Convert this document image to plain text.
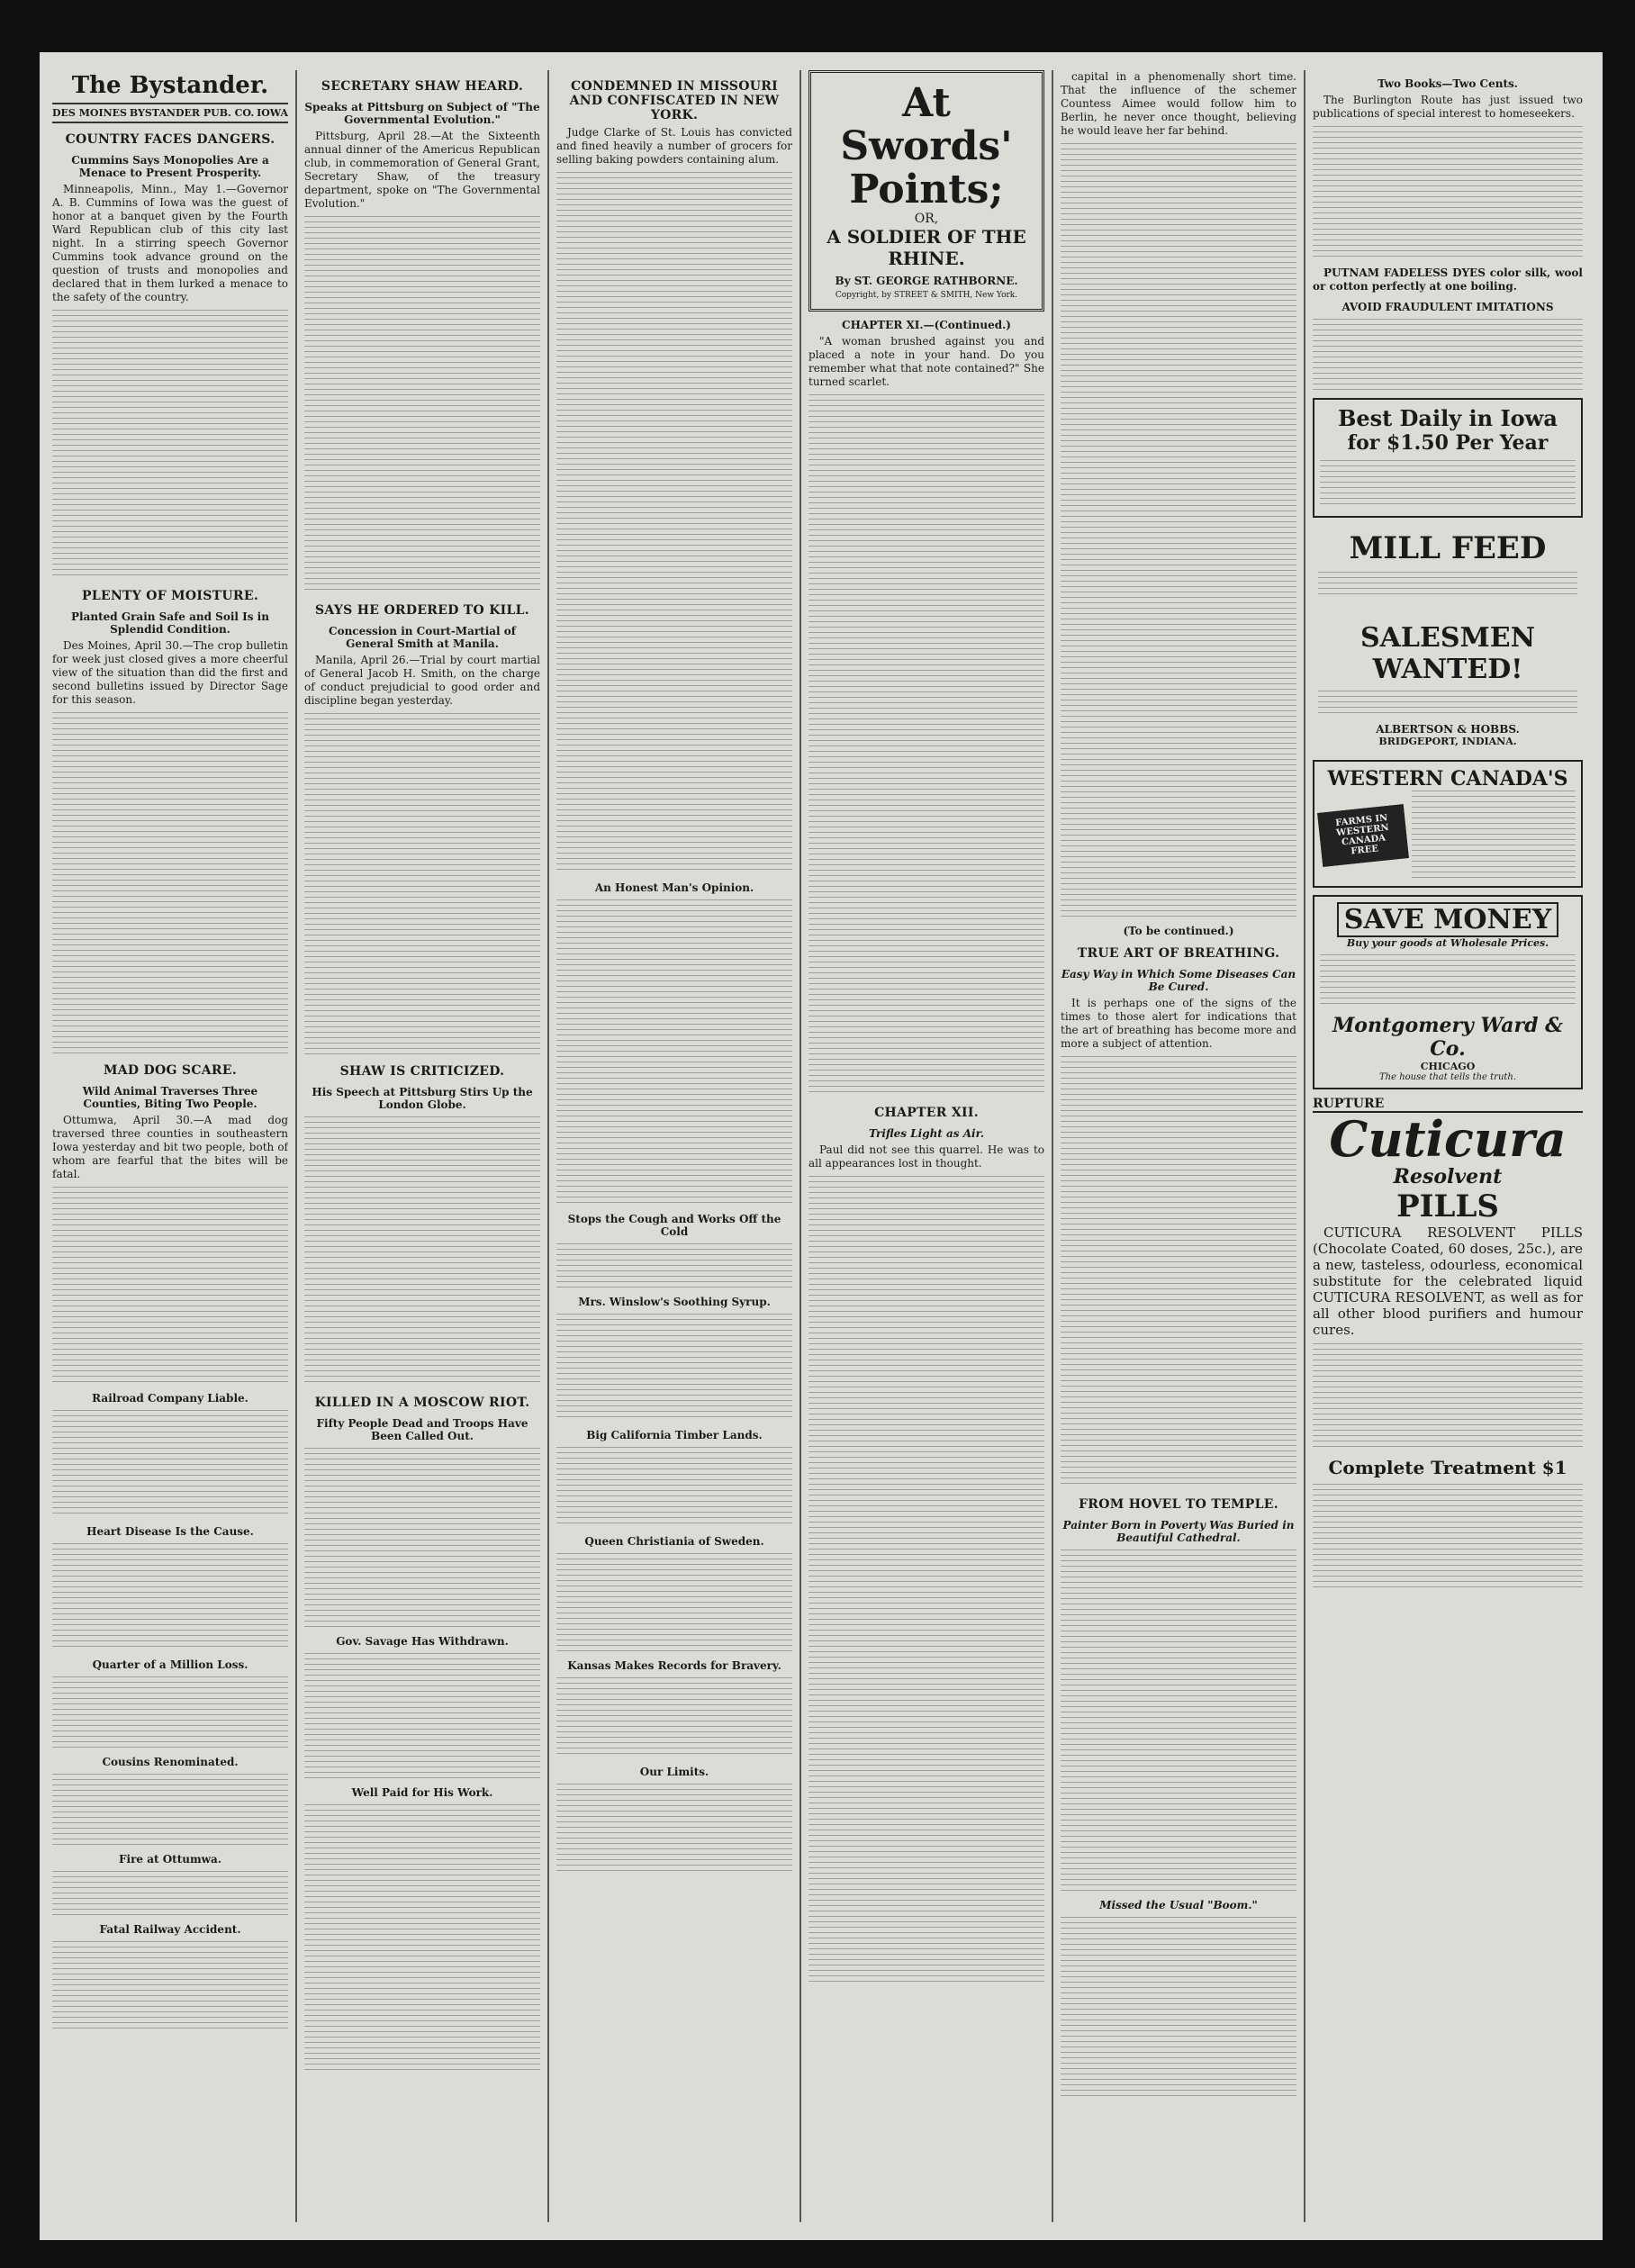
The Bystander.
DES MOINES BYSTANDER PUB. CO. IOWA
COUNTRY FACES DANGERS.
Cummins Says Monopolies Are a Menace to Present Prosperity.

Minneapolis, Minn., May 1.—Governor A. B. Cummins of Iowa was the guest of honor at a banquet given by the Fourth Ward Republican club of this city last night. In a stirring speech Governor Cummins took advance ground on the question of trusts and monopolies and declared that in them lurked a menace to the safety of the country.

PLENTY OF MOISTURE.
Planted Grain Safe and Soil Is in Splendid Condition.

Des Moines, April 30.—The crop bulletin for week just closed gives a more cheerful view of the situation than did the first and second bulletins issued by Director Sage for this season.

MAD DOG SCARE.
Wild Animal Traverses Three Counties, Biting Two People.

Ottumwa, April 30.—A mad dog traversed three counties in southeastern Iowa yesterday and bit two people, both of whom are fearful that the bites will be fatal.

Railroad Company Liable.
Heart Disease Is the Cause.
Quarter of a Million Loss.
Cousins Renominated.
Fire at Ottumwa.
Fatal Railway Accident.
SECRETARY SHAW HEARD.
Speaks at Pittsburg on Subject of "The Governmental Evolution."

Pittsburg, April 28.—At the Sixteenth annual dinner of the Americus Republican club, in commemoration of General Grant, Secretary Shaw, of the treasury department, spoke on "The Governmental Evolution."

SAYS HE ORDERED TO KILL.
Concession in Court-Martial of General Smith at Manila.

Manila, April 26.—Trial by court martial of General Jacob H. Smith, on the charge of conduct prejudicial to good order and discipline began yesterday.

SHAW IS CRITICIZED.
His Speech at Pittsburg Stirs Up the London Globe.
KILLED IN A MOSCOW RIOT.
Fifty People Dead and Troops Have Been Called Out.
Gov. Savage Has Withdrawn.
Well Paid for His Work.
CONDEMNED IN MISSOURI AND CONFISCATED IN NEW YORK.

Judge Clarke of St. Louis has convicted and fined heavily a number of grocers for selling baking powders containing alum.

An Honest Man's Opinion.
Stops the Cough and Works Off the Cold
Mrs. Winslow's Soothing Syrup.
Big California Timber Lands.
Queen Christiania of Sweden.
Kansas Makes Records for Bravery.
Our Limits.
At Swords' Points;
OR,
A SOLDIER OF THE RHINE.
By ST. GEORGE RATHBORNE.
Copyright, by STREET & SMITH, New York.
CHAPTER XI.—(Continued.)

"A woman brushed against you and placed a note in your hand. Do you remember what that note contained?" She turned scarlet.

CHAPTER XII.
Trifles Light as Air.

Paul did not see this quarrel. He was to all appearances lost in thought.

capital in a phenomenally short time. That the influence of the schemer Countess Aimee would follow him to Berlin, he never once thought, believing he would leave her far behind.

(To be continued.)
TRUE ART OF BREATHING.
Easy Way in Which Some Diseases Can Be Cured.

It is perhaps one of the signs of the times to those alert for indications that the art of breathing has become more and more a subject of attention.

FROM HOVEL TO TEMPLE.
Painter Born in Poverty Was Buried in Beautiful Cathedral.
Missed the Usual "Boom."
Two Books—Two Cents.

The Burlington Route has just issued two publications of special interest to homeseekers.

PUTNAM FADELESS DYES color silk, wool or cotton perfectly at one boiling.

AVOID FRAUDULENT IMITATIONS
Best Daily in Iowa
for $1.50 Per Year
MILL FEED
SALESMEN WANTED!
ALBERTSON & HOBBS.
BRIDGEPORT, INDIANA.
WESTERN CANADA'S
FARMS IN WESTERN CANADA FREE
SAVE MONEY
Buy your goods at Wholesale Prices.
Montgomery Ward & Co.
CHICAGO
The house that tells the truth.
RUPTURE
Cuticura
Resolvent
PILLS

CUTICURA RESOLVENT PILLS (Chocolate Coated, 60 doses, 25c.), are a new, tasteless, odourless, economical substitute for the celebrated liquid CUTICURA RESOLVENT, as well as for all other blood purifiers and humour cures.

Complete Treatment $1
